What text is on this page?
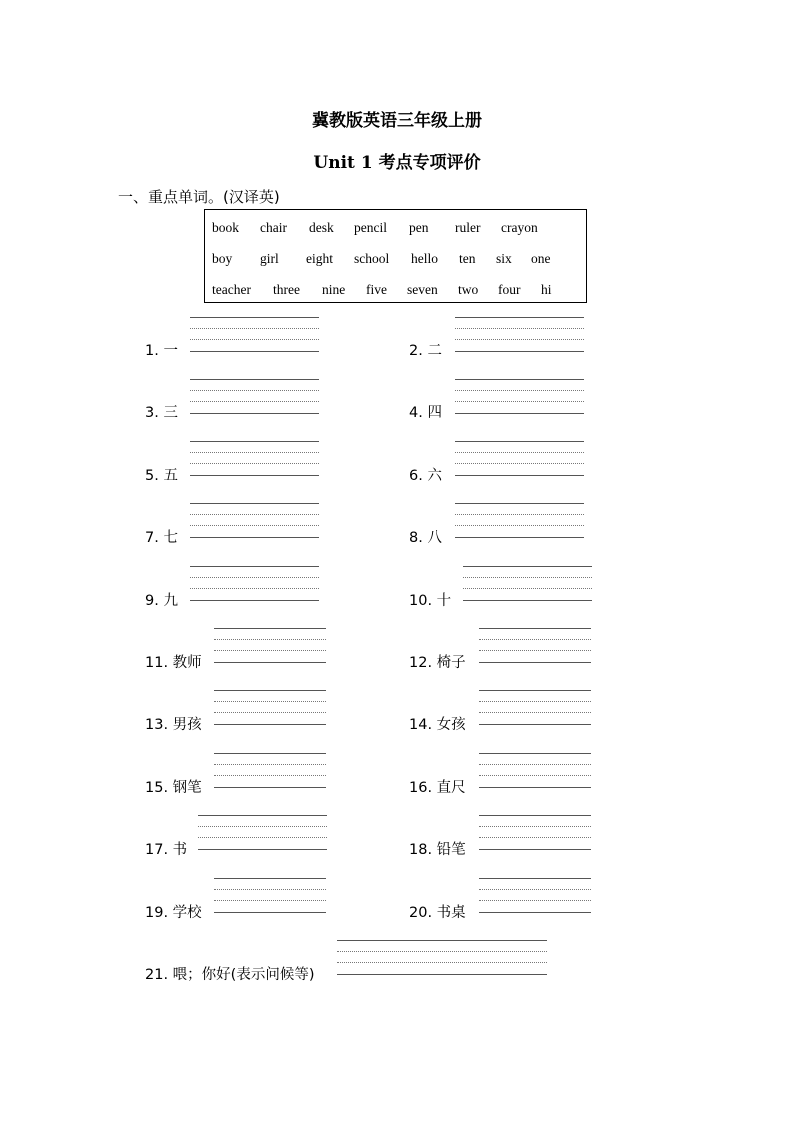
冀教版英语三年级上册
Unit 1 考点专项评价
一、重点单词。(汉译英)
book chair desk pencil pen ruler crayon
boy girl eight school hello ten six one
teacher three nine five seven two four hi
1. 一	2. 二
3. 三	4. 四
5. 五	6. 六
7. 七	8. 八
9. 九	10. 十
11. 教师	12. 椅子
13. 男孩	14. 女孩
15. 钢笔	16. 直尺
17. 书	18. 铅笔
19. 学校	20. 书桌
21. 喂；你好(表示问候等)
